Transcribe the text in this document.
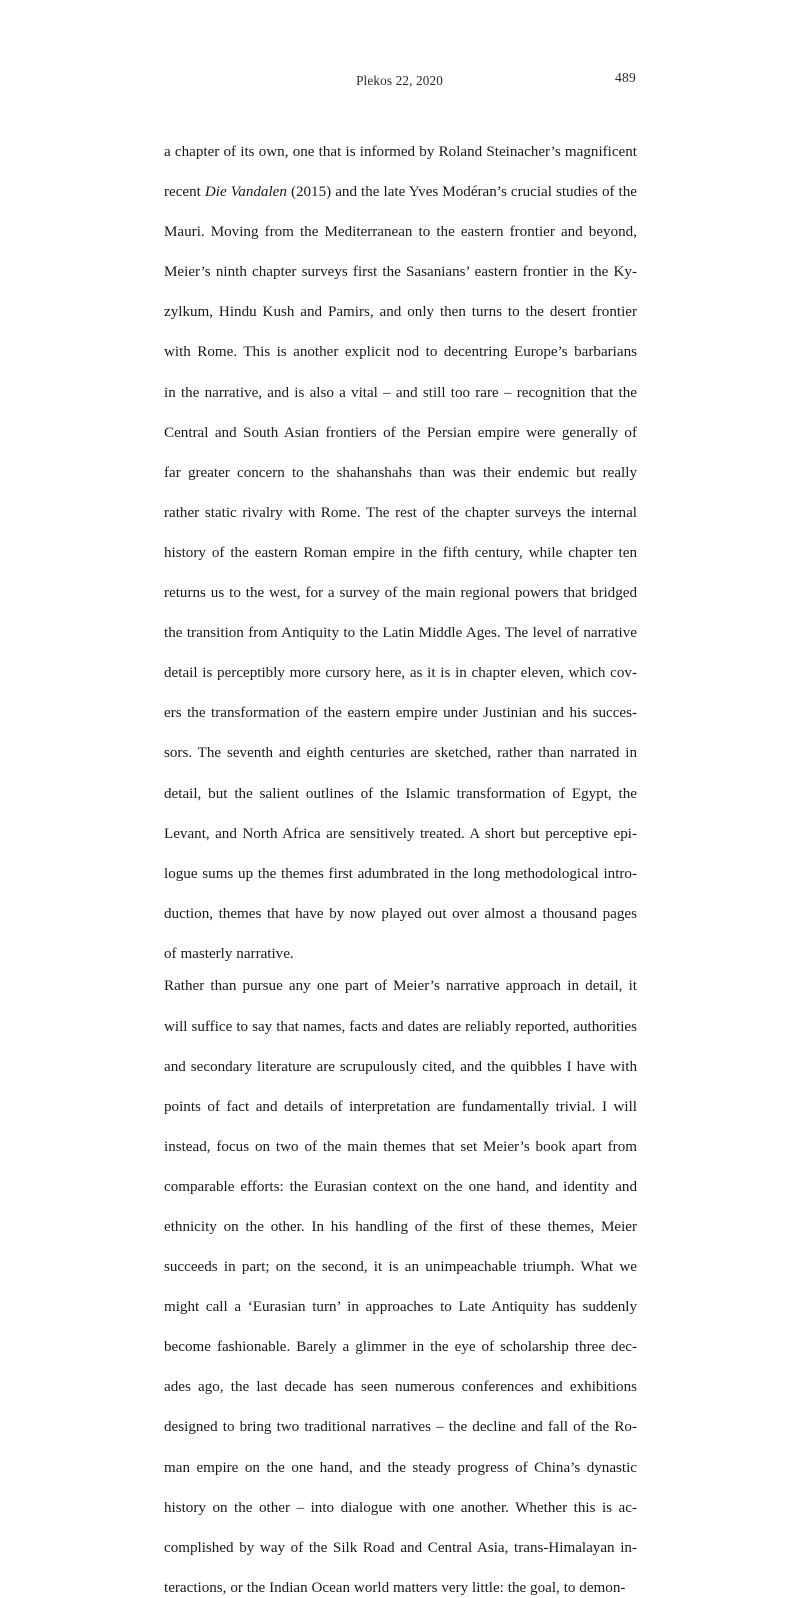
Plekos 22, 2020	489

a chapter of its own, one that is informed by Roland Steinacher’s magnificent
recent Die Vandalen (2015) and the late Yves Modéran’s crucial studies of the
Mauri. Moving from the Mediterranean to the eastern frontier and beyond,
Meier’s ninth chapter surveys first the Sasanians’ eastern frontier in the Ky-
zylkum, Hindu Kush and Pamirs, and only then turns to the desert frontier
with Rome. This is another explicit nod to decentring Europe’s barbarians
in the narrative, and is also a vital – and still too rare – recognition that the
Central and South Asian frontiers of the Persian empire were generally of
far greater concern to the shahanshahs than was their endemic but really
rather static rivalry with Rome. The rest of the chapter surveys the internal
history of the eastern Roman empire in the fifth century, while chapter ten
returns us to the west, for a survey of the main regional powers that bridged
the transition from Antiquity to the Latin Middle Ages. The level of narrative
detail is perceptibly more cursory here, as it is in chapter eleven, which cov-
ers the transformation of the eastern empire under Justinian and his succes-
sors. The seventh and eighth centuries are sketched, rather than narrated in
detail, but the salient outlines of the Islamic transformation of Egypt, the
Levant, and North Africa are sensitively treated. A short but perceptive epi-
logue sums up the themes first adumbrated in the long methodological intro-
duction, themes that have by now played out over almost a thousand pages
of masterly narrative.

Rather than pursue any one part of Meier’s narrative approach in detail, it
will suffice to say that names, facts and dates are reliably reported, authorities
and secondary literature are scrupulously cited, and the quibbles I have with
points of fact and details of interpretation are fundamentally trivial. I will
instead, focus on two of the main themes that set Meier’s book apart from
comparable efforts: the Eurasian context on the one hand, and identity and
ethnicity on the other. In his handling of the first of these themes, Meier
succeeds in part; on the second, it is an unimpeachable triumph. What we
might call a ‘Eurasian turn’ in approaches to Late Antiquity has suddenly
become fashionable. Barely a glimmer in the eye of scholarship three dec-
ades ago, the last decade has seen numerous conferences and exhibitions
designed to bring two traditional narratives – the decline and fall of the Ro-
man empire on the one hand, and the steady progress of China’s dynastic
history on the other – into dialogue with one another. Whether this is ac-
complished by way of the Silk Road and Central Asia, trans-Himalayan in-
teractions, or the Indian Ocean world matters very little: the goal, to demon-
